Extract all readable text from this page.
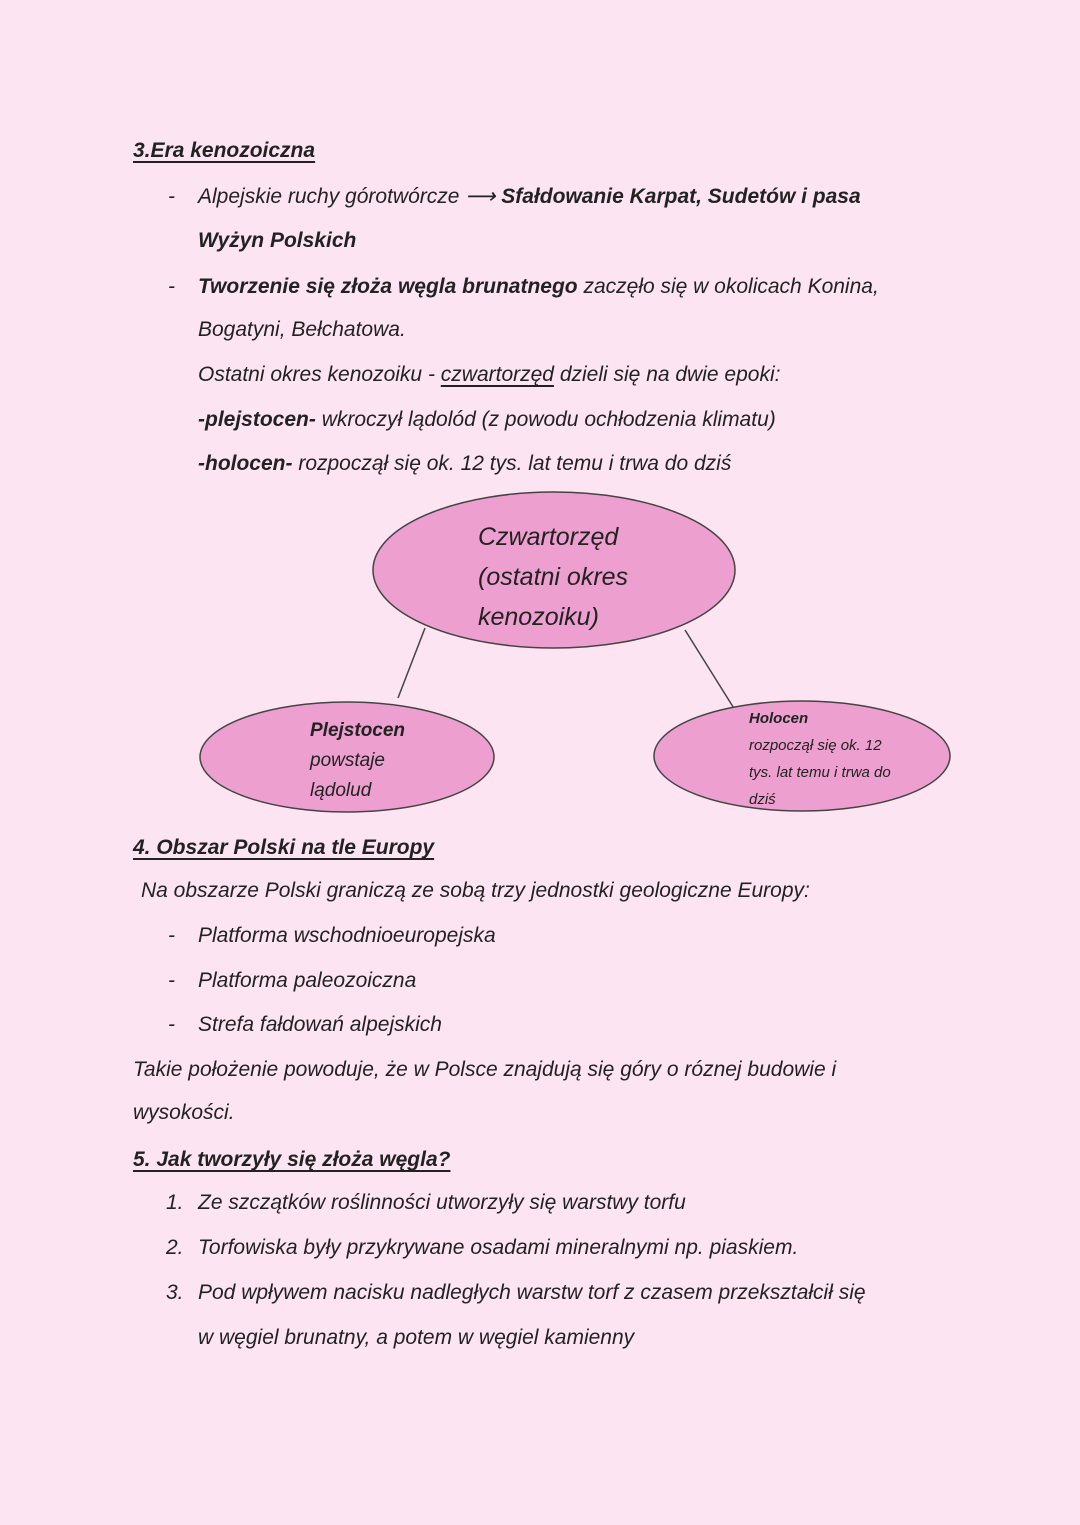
3.Era kenozoiczna
- Alpejskie ruchy górotwórcze ⟶ Sfałdowanie Karpat, Sudetów i pasa
Wyżyn Polskich
- Tworzenie się złoża węgla brunatnego zaczęło się w okolicach Konina,
Bogatyni, Bełchatowa.
Ostatni okres kenozoiku - czwartorzęd dzieli się na dwie epoki:
-plejstocen- wkroczył lądolód (z powodu ochłodzenia klimatu)
-holocen- rozpoczął się ok. 12 tys. lat temu i trwa do dziś
Czwartorzęd
(ostatni okres
kenozoiku)
Plejstocen
powstaje
lądolud
Holocen
rozpoczął się ok. 12
tys. lat temu i trwa do
dziś
4. Obszar Polski na tle Europy
Na obszarze Polski graniczą ze sobą trzy jednostki geologiczne Europy:
- Platforma wschodnioeuropejska
- Platforma paleozoiczna
- Strefa fałdowań alpejskich
Takie położenie powoduje, że w Polsce znajdują się góry o róznej budowie i
wysokości.
5. Jak tworzyły się złoża węgla?
1. Ze szczątków roślinności utworzyły się warstwy torfu
2. Torfowiska były przykrywane osadami mineralnymi np. piaskiem.
3. Pod wpływem nacisku nadległych warstw torf z czasem przekształcił się
w węgiel brunatny, a potem w węgiel kamienny
